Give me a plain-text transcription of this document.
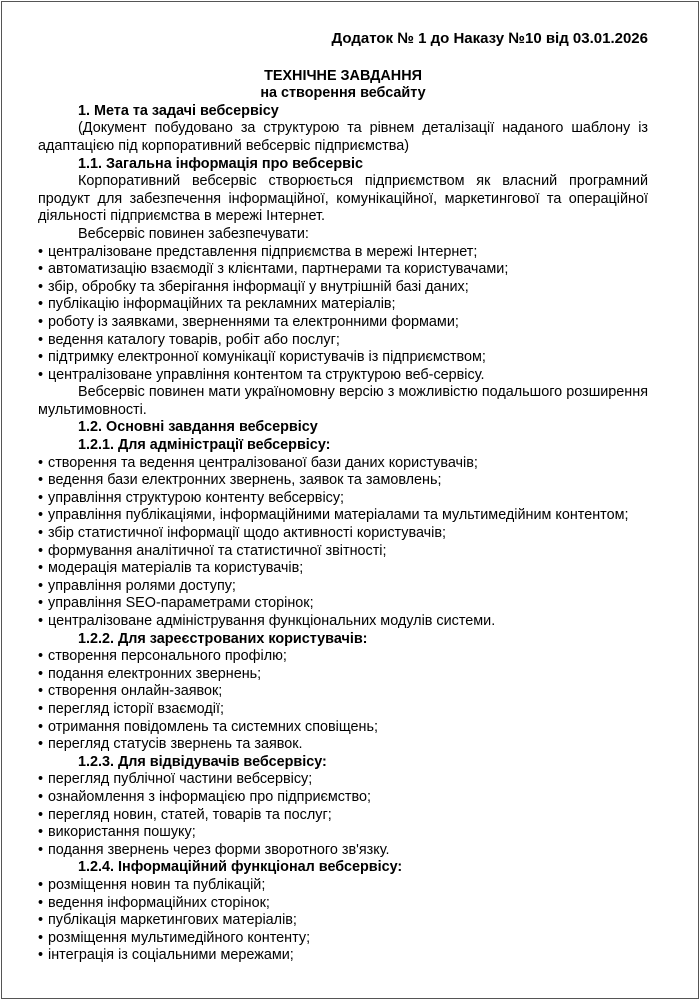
Додаток № 1 до Наказу №10 від 03.01.2026

ТЕХНІЧНЕ ЗАВДАННЯ

на створення вебсайту

1. Мета та задачі вебсервісу

(Документ побудовано за структурою та рівнем деталізації наданого шаблону із адаптацією під корпоративний вебсервіс підприємства)

1.1. Загальна інформація про вебсервіс

Корпоративний вебсервіс створюється підприємством як власний програмний продукт для забезпечення інформаційної, комунікаційної, маркетингової та операційної діяльності підприємства в мережі Інтернет.

Вебсервіс повинен забезпечувати:

• централізоване представлення підприємства в мережі Інтернет;
• автоматизацію взаємодії з клієнтами, партнерами та користувачами;
• збір, обробку та зберігання інформації у внутрішній базі даних;
• публікацію інформаційних та рекламних матеріалів;
• роботу із заявками, зверненнями та електронними формами;
• ведення каталогу товарів, робіт або послуг;
• підтримку електронної комунікації користувачів із підприємством;
• централізоване управління контентом та структурою веб-сервісу.

Вебсервіс повинен мати україномовну версію з можливістю подальшого розширення мультимовності.

1.2. Основні завдання вебсервісу

1.2.1. Для адміністрації вебсервісу:

• створення та ведення централізованої бази даних користувачів;
• ведення бази електронних звернень, заявок та замовлень;
• управління структурою контенту вебсервісу;
• управління публікаціями, інформаційними матеріалами та мультимедійним контентом;
• збір статистичної інформації щодо активності користувачів;
• формування аналітичної та статистичної звітності;
• модерація матеріалів та користувачів;
• управління ролями доступу;
• управління SEO-параметрами сторінок;
• централізоване адміністрування функціональних модулів системи.

1.2.2. Для зареєстрованих користувачів:

• створення персонального профілю;
• подання електронних звернень;
• створення онлайн-заявок;
• перегляд історії взаємодії;
• отримання повідомлень та системних сповіщень;
• перегляд статусів звернень та заявок.

1.2.3. Для відвідувачів вебсервісу:

• перегляд публічної частини вебсервісу;
• ознайомлення з інформацією про підприємство;
• перегляд новин, статей, товарів та послуг;
• використання пошуку;
• подання звернень через форми зворотного зв'язку.

1.2.4. Інформаційний функціонал вебсервісу:

• розміщення новин та публікацій;
• ведення інформаційних сторінок;
• публікація маркетингових матеріалів;
• розміщення мультимедійного контенту;
• інтеграція із соціальними мережами;
